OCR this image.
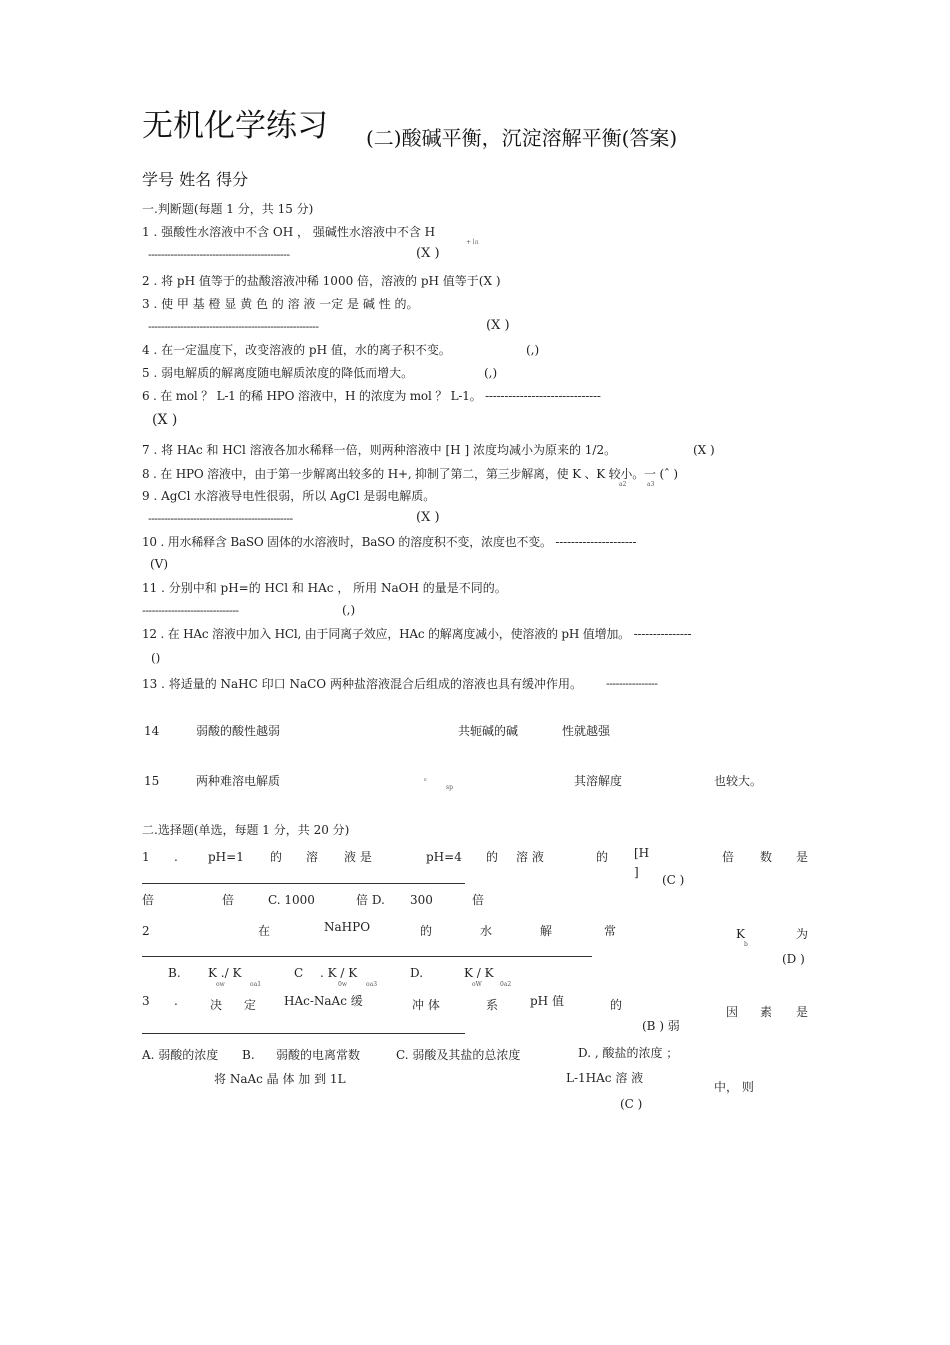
无机化学练习 (二)酸碱平衡，沉淀溶解平衡(答案)
学号 姓名 得分
一.判断题(每题 1 分，共 15 分)
1 . 强酸性水溶液中不含 OH ， 强碱性水溶液中不含 H
+ ㏑
--------------------------------------------	(X )
2 . 将 pH 值等于的盐酸溶液冲稀 1000 倍，溶液的 pH 值等于(X )
3 . 使 甲 基 橙 显 黄 色 的 溶 液 一定 是 碱 性 的。
-----------------------------------------------------	(X )
4 . 在一定温度下，改变溶液的 pH 值，水的离子积不变。	(,)
5 . 弱电解质的解离度随电解质浓度的降低而增大。	(,)
6 . 在 mol ？ L-1 的稀 HPO 溶液中，H 的浓度为 mol ？ L-1。 ------------------------------
(X )
7 . 将 HAc 和 HCl 溶液各加水稀释一倍，则两种溶液中 [H ] 浓度均减小为原来的 1/2。	(X )
8 . 在 HPO 溶液中，由于第一步解离出较多的 H+, 抑制了第二，第三步解离，使 K 、K 较小。一 (ˆ )
a2	a3
9 . AgCl 水溶液导电性很弱，所以 AgCl 是弱电解质。
---------------------------------------------	(X )
10 . 用水稀释含 BaSO 固体的水溶液时，BaSO 的溶度积不变，浓度也不变。 ---------------------
(V)
11 . 分别中和 pH=的 HCl 和 HAc ， 所用 NaOH 的量是不同的。
------------------------------	(,)
12 . 在 HAc 溶液中加入 HCl, 由于同离子效应，HAc 的解离度减小，使溶液的 pH 值增加。 ---------------
()
13 . 将适量的 NaHC 印口 NaCO 两种盐溶液混合后组成的溶液也具有缓冲作用。 ----------------
14	弱酸的酸性越弱	共轭碱的碱	性就越强
15	两种难溶电解质	ᴱ
sp	其溶解度	也较大。
二.选择题(单选，每题 1 分，共 20 分)
1 .	pH=1 的 溶 液 是	pH=4 的 溶 液	的 [H
]
倍 数 是
(C )
倍	倍	C. 1000	倍 D. 300	倍
2	在	NaHPO	的	水	解	常	K
b
为
(D )
B. K ./ K	C . K / K	D.	K / K
ow	oa1	0w	oa3	oW	0a2
3 .	决 定 HAc-NaAc 缓	冲 体	系	pH 值	的	因 素 是
(B ) 弱
A. 弱酸的浓度 B. 弱酸的电离常数	C. 弱酸及其盐的总浓度	D. , 酸盐的浓度 ；
将 NaAc 晶 体 加 到 1L	L-1HAc 溶 液
中， 则
(C )
